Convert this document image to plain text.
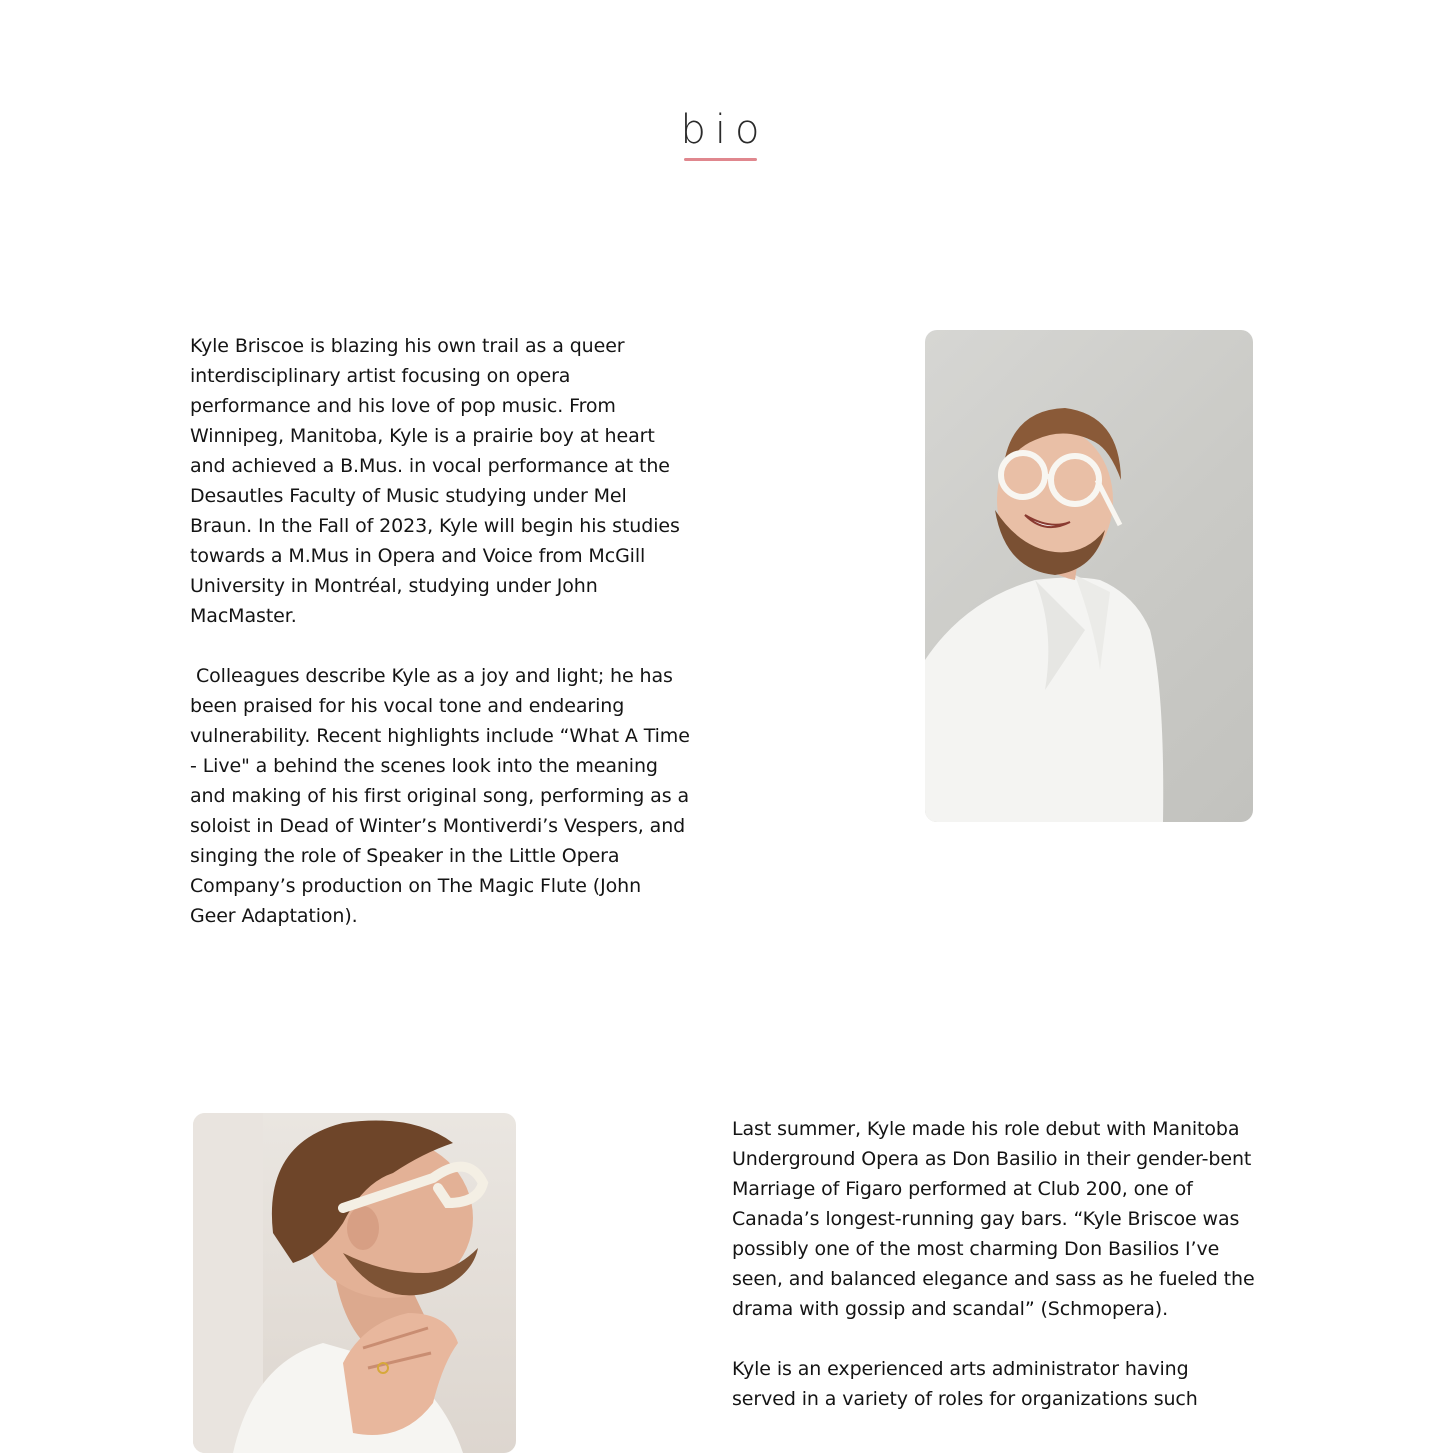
bio

Kyle Briscoe is blazing his own trail as a queer interdisciplinary artist focusing on opera performance and his love of pop music. From Winnipeg, Manitoba, Kyle is a prairie boy at heart and achieved a B.Mus. in vocal performance at the Desautles Faculty of Music studying under Mel Braun. In the Fall of 2023, Kyle will begin his studies towards a M.Mus in Opera and Voice from McGill University in Montréal, studying under John MacMaster.

Colleagues describe Kyle as a joy and light; he has been praised for his vocal tone and endearing vulnerability. Recent highlights include “What A Time - Live" a behind the scenes look into the meaning and making of his first original song, performing as a soloist in Dead of Winter’s Montiverdi’s Vespers, and singing the role of Speaker in the Little Opera Company’s production on The Magic Flute (John Geer Adaptation).

Last summer, Kyle made his role debut with Manitoba Underground Opera as Don Basilio in their gender-bent Marriage of Figaro performed at Club 200, one of Canada’s longest-running gay bars. “Kyle Briscoe was possibly one of the most charming Don Basilios I’ve seen, and balanced elegance and sass as he fueled the drama with gossip and scandal” (Schmopera).

Kyle is an experienced arts administrator having served in a variety of roles for organizations such
